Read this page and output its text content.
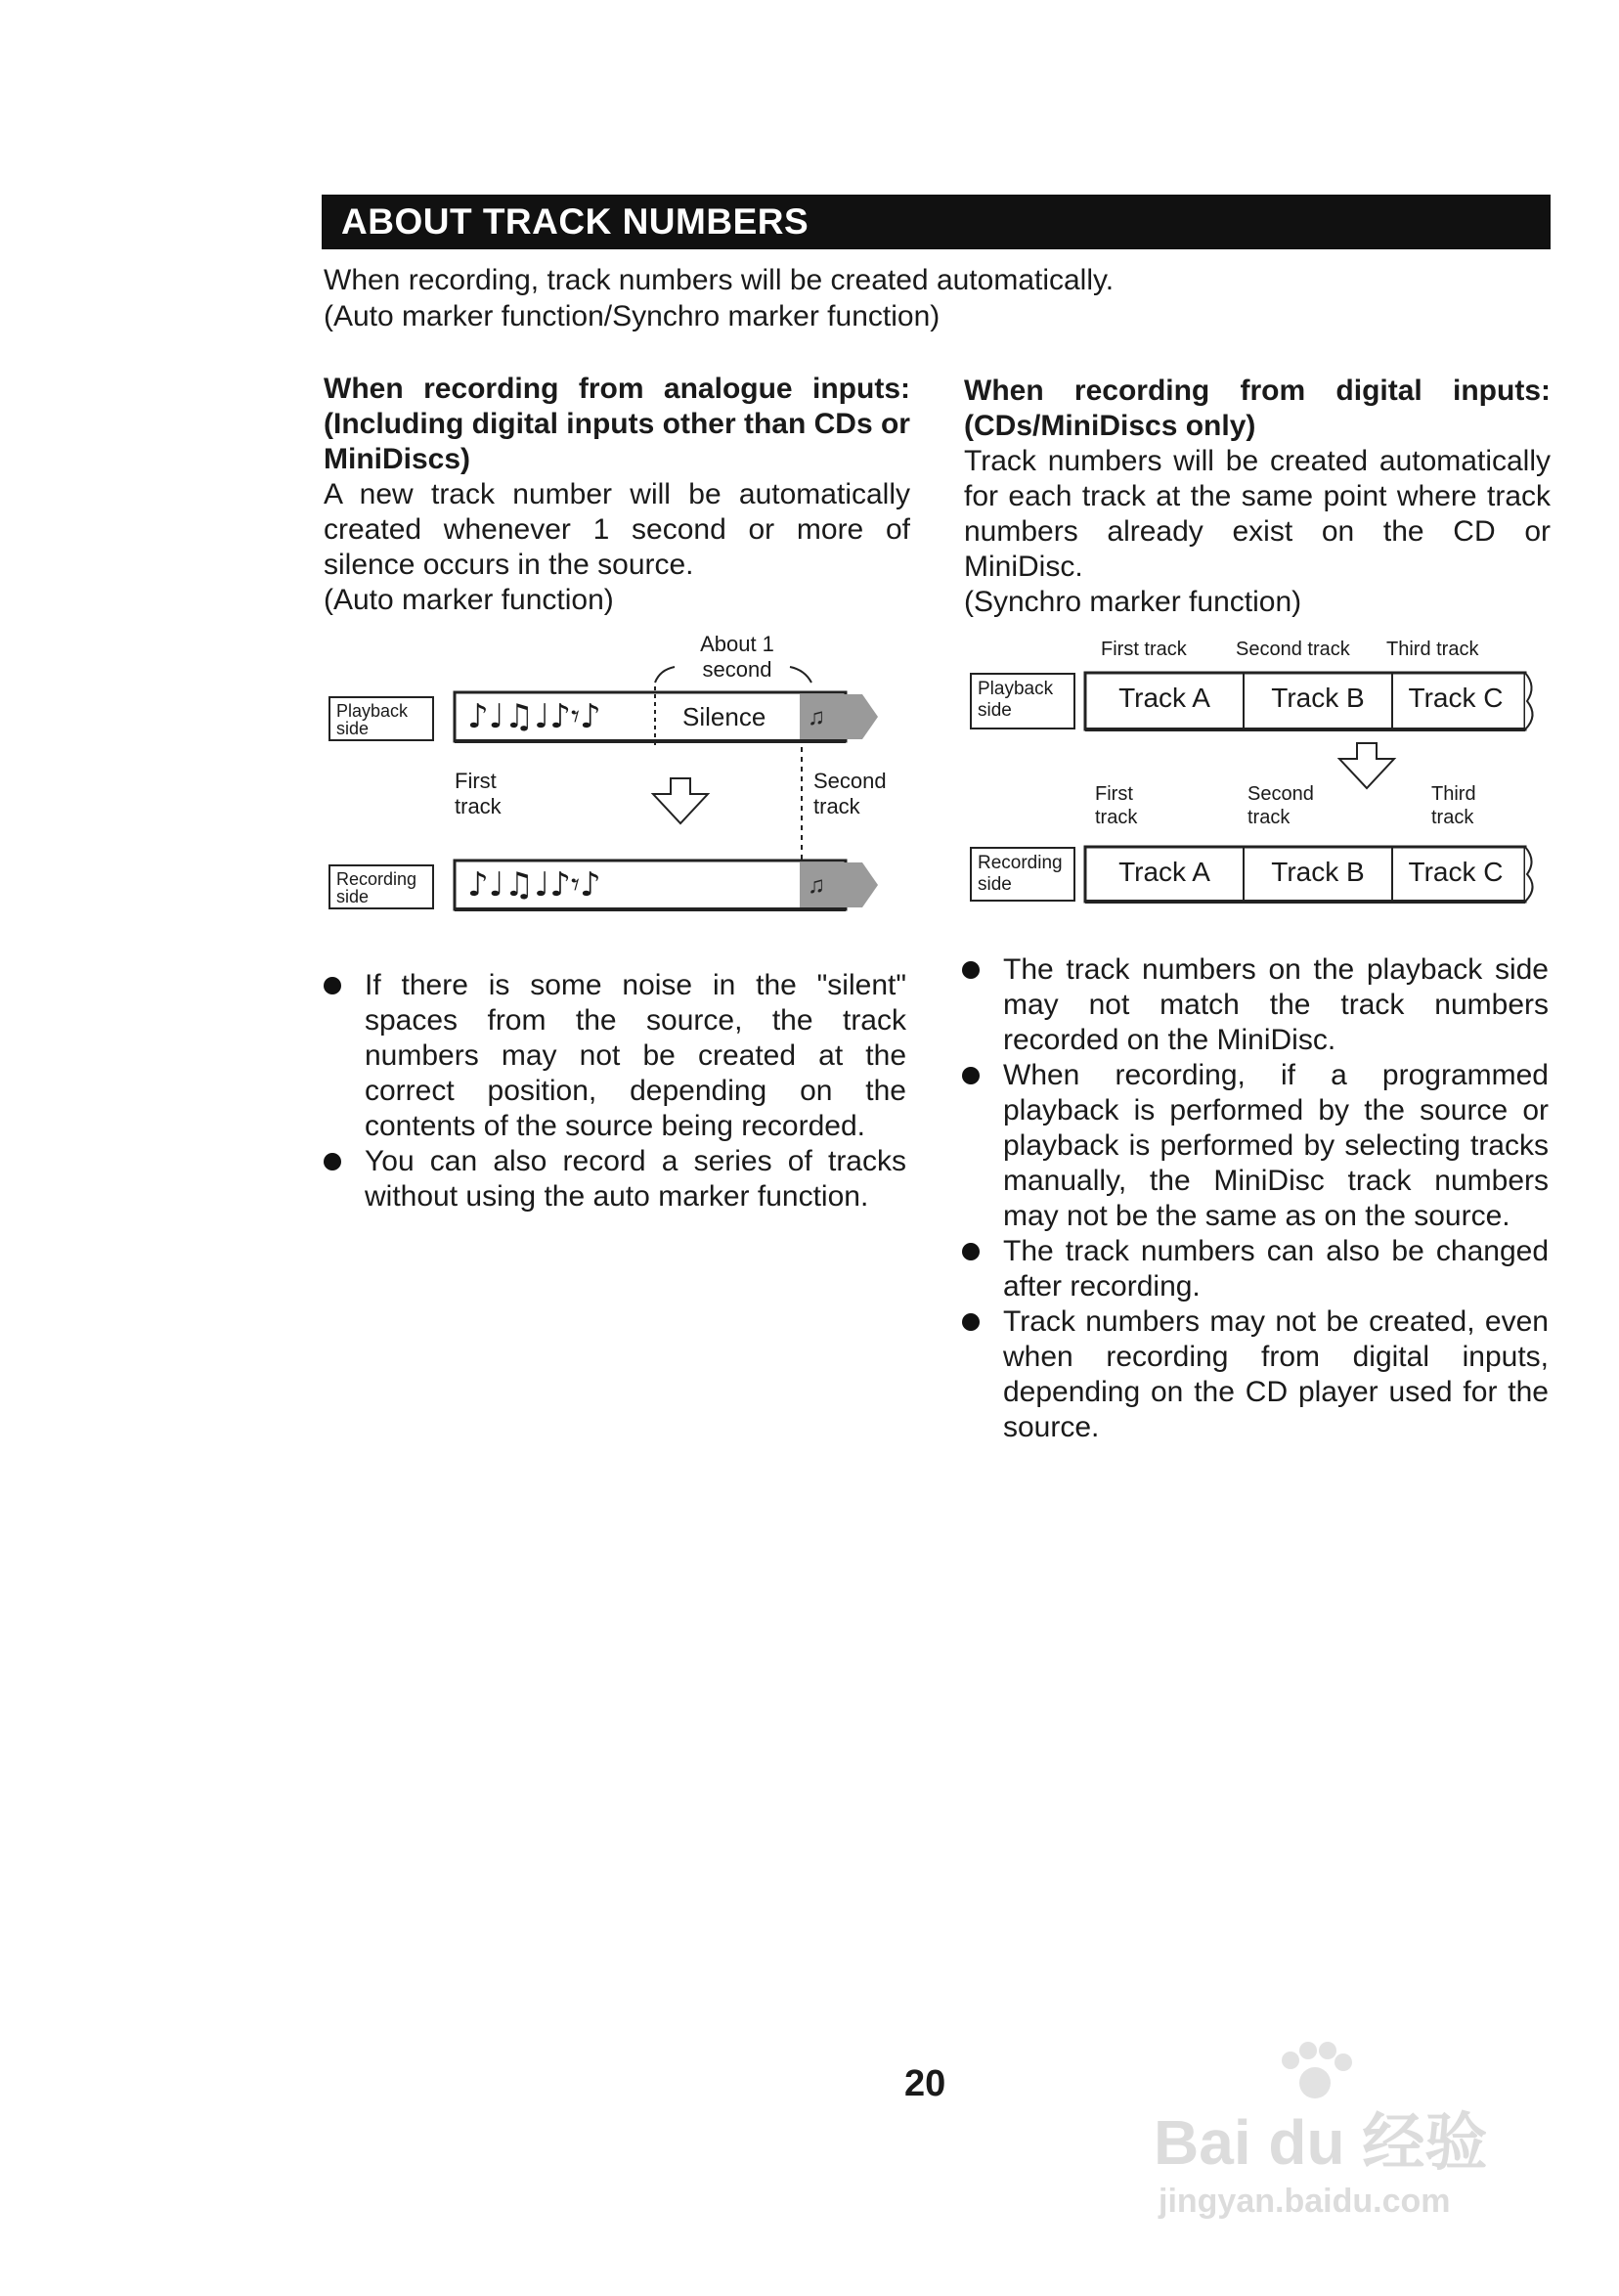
ABOUT TRACK NUMBERS
When recording, track numbers will be created automatically.
(Auto marker function/Synchro marker function)
When recording from analogue inputs: (Including digital inputs other than CDs or MiniDiscs)
A new track number will be automatically created whenever 1 second or more of silence occurs in the source.
(Auto marker function)
When recording from digital inputs: (CDs/MiniDiscs only)
Track numbers will be created automatically for each track at the same point where track numbers already exist on the CD or MiniDisc.
(Synchro marker function)
About 1 second
Playback side
Recording side
♪♩♫♩♪𝄾♪	Silence
♪♩♫♩♪𝄾♪
♫
♫
First track
Second track
First track	Second track Third track
Playback side
Recording side
Track A	Track B	Track C
First track
Second track
Third track
Track A	Track B	Track C
If there is some noise in the "silent" spaces from the source, the track numbers may not be created at the correct position, depending on the contents of the source being recorded.
You can also record a series of tracks without using the auto marker function.
The track numbers on the playback side may not match the track numbers recorded on the MiniDisc.
When recording, if a programmed playback is performed by the source or playback is performed by selecting tracks manually, the MiniDisc track numbers may not be the same as on the source.
The track numbers can also be changed after recording.
Track numbers may not be created, even when recording from digital inputs, depending on the CD player used for the source.
20
Bai du 经验
jingyan.baidu.com
